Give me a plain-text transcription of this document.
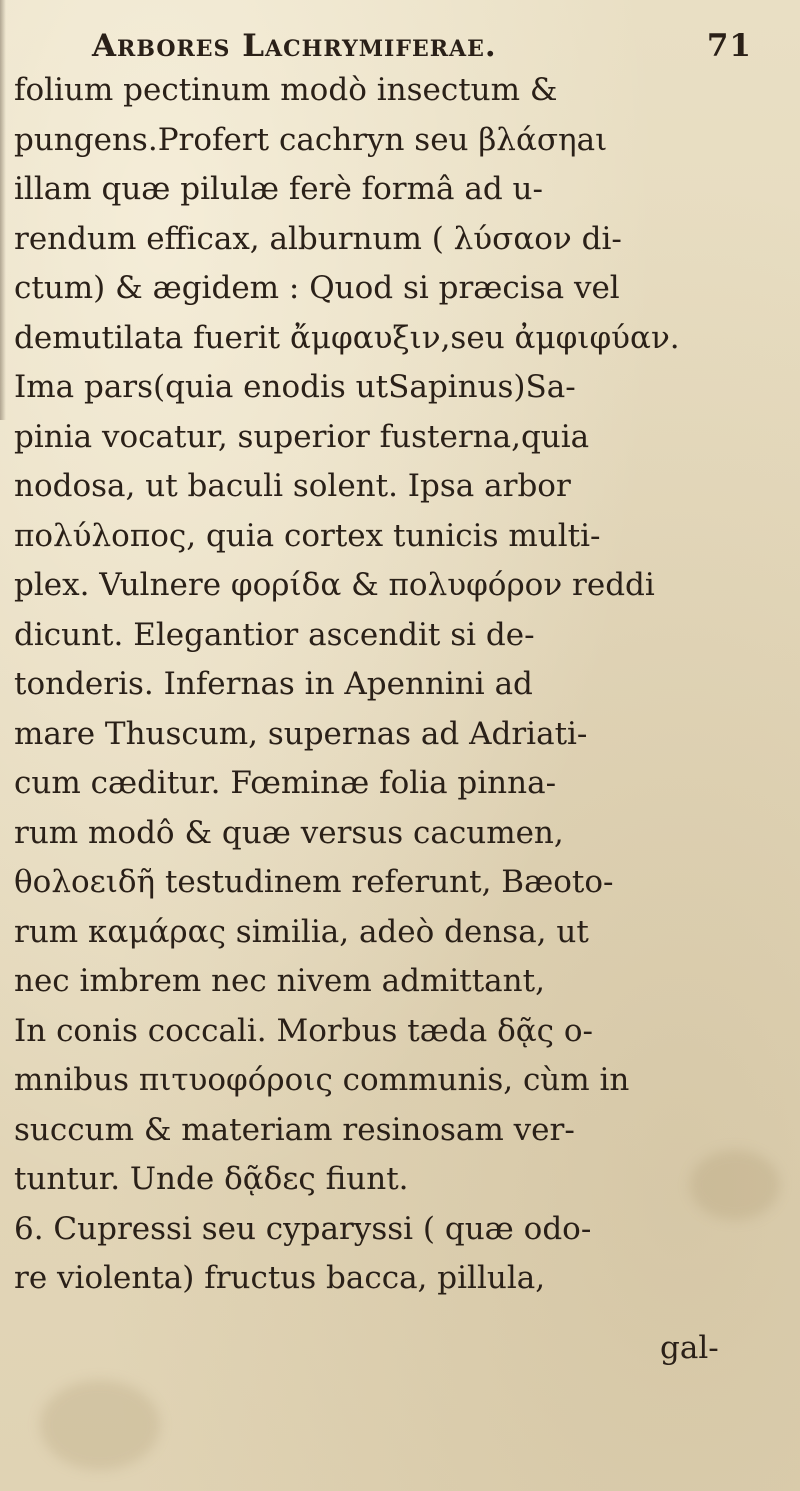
Arbores Lachrymiferae.	71
folium pectinum modò insectum &
pungens.Profert cachryn seu βλάσηaι
illam quæ pilulæ ferè formâ ad u-
rendum efficax, alburnum ( λύσαον di-
ctum) & ægidem : Quod si præcisa vel
demutilata fuerit ἄμφαυξιν,seu ἀμφιφύαν.
Ima pars(quia enodis utSapinus)Sa-
pinia vocatur, superior fusterna,quia
nodosa, ut baculi solent. Ipsa arbor
πολύλοπος, quia cortex tunicis multi-
plex. Vulnere φορίδα & πολυφόρον reddi
dicunt. Elegantior ascendit si de-
tonderis. Infernas in Apennini ad
mare Thuscum, supernas ad Adriati-
cum cæditur. Fœminæ folia pinna-
rum modô & quæ versus cacumen,
θολοειδῆ testudinem referunt, Bæoto-
rum καμάρας similia, adeò densa, ut
nec imbrem nec nivem admittant,
In conis coccali. Morbus tæda δᾷς o-
mnibus πιτυοφόροις communis, cùm in
succum & materiam resinosam ver-
tuntur. Unde δᾷδες fiunt.
6. Cupressi seu cyparyssi ( quæ odo-
re violenta) fructus bacca, pillula,
gal-
